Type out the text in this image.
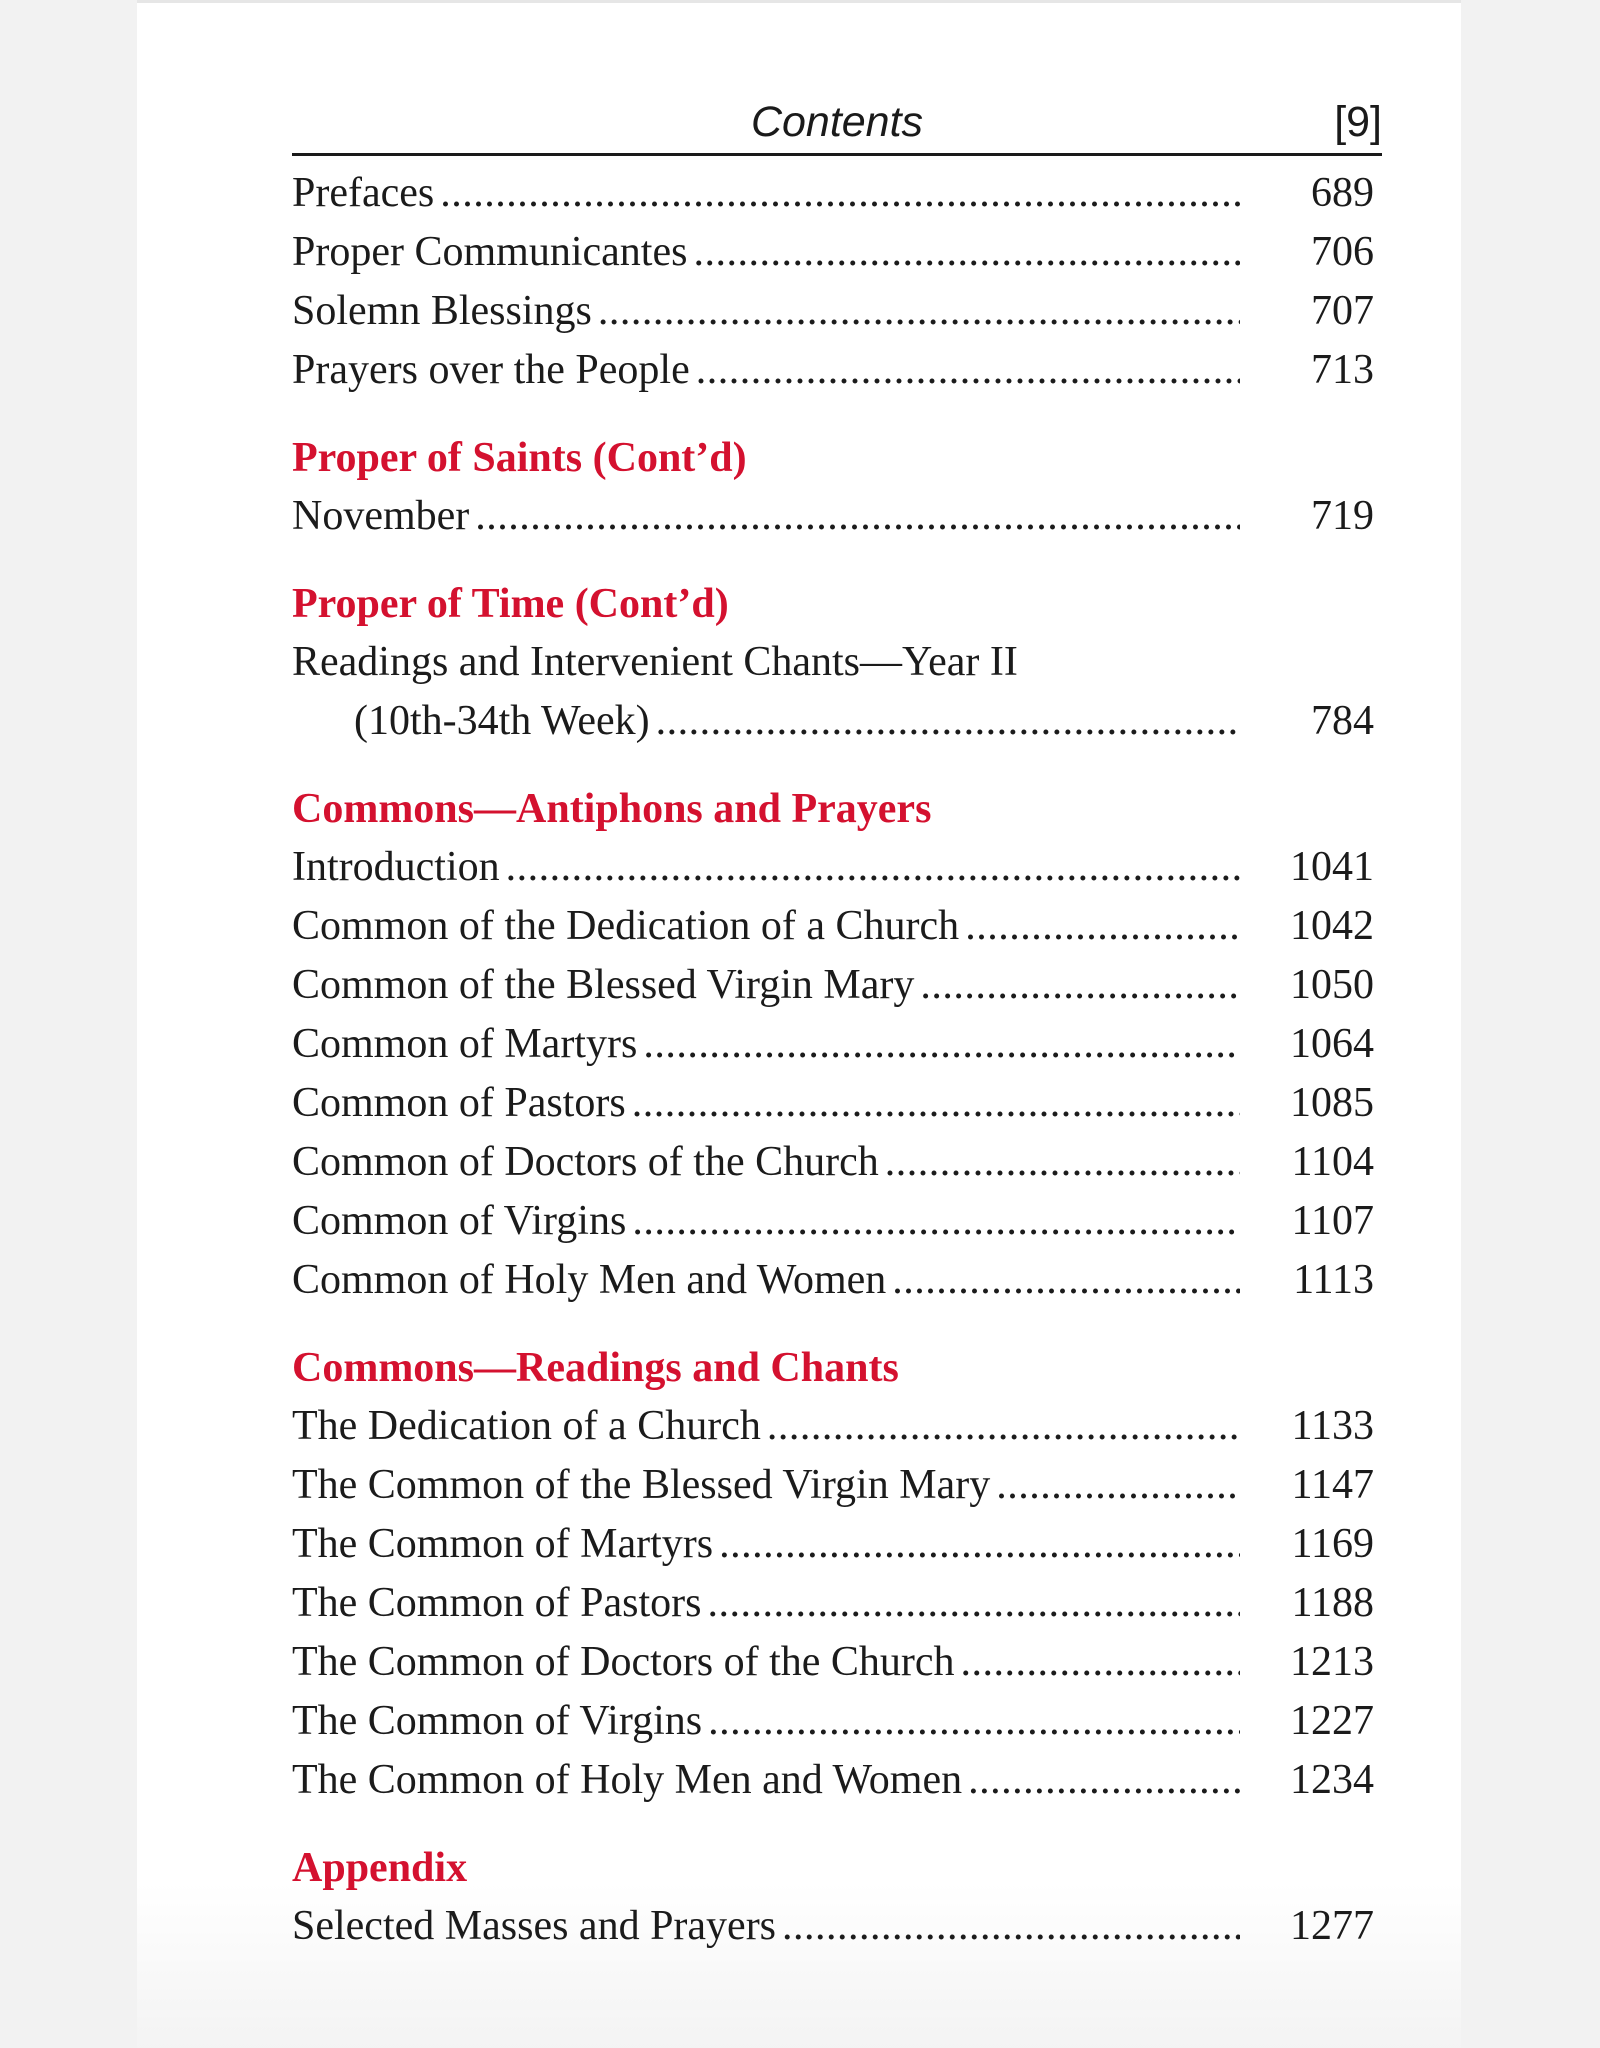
Contents	[9]
Prefaces .....	689
Proper Communicantes .....	706
Solemn Blessings .....	707
Prayers over the People .....	713
Proper of Saints (Cont’d)
November .....	719
Proper of Time (Cont’d)
Readings and Intervenient Chants—Year II
(10th-34th Week) .....	784
Commons—Antiphons and Prayers
Introduction .....	1041
Common of the Dedication of a Church .....	1042
Common of the Blessed Virgin Mary .....	1050
Common of Martyrs .....	1064
Common of Pastors .....	1085
Common of Doctors of the Church .....	1104
Common of Virgins .....	1107
Common of Holy Men and Women .....	1113
Commons—Readings and Chants
The Dedication of a Church .....	1133
The Common of the Blessed Virgin Mary .....	1147
The Common of Martyrs .....	1169
The Common of Pastors .....	1188
The Common of Doctors of the Church .....	1213
The Common of Virgins .....	1227
The Common of Holy Men and Women .....	1234
Appendix
Selected Masses and Prayers .....	1277
